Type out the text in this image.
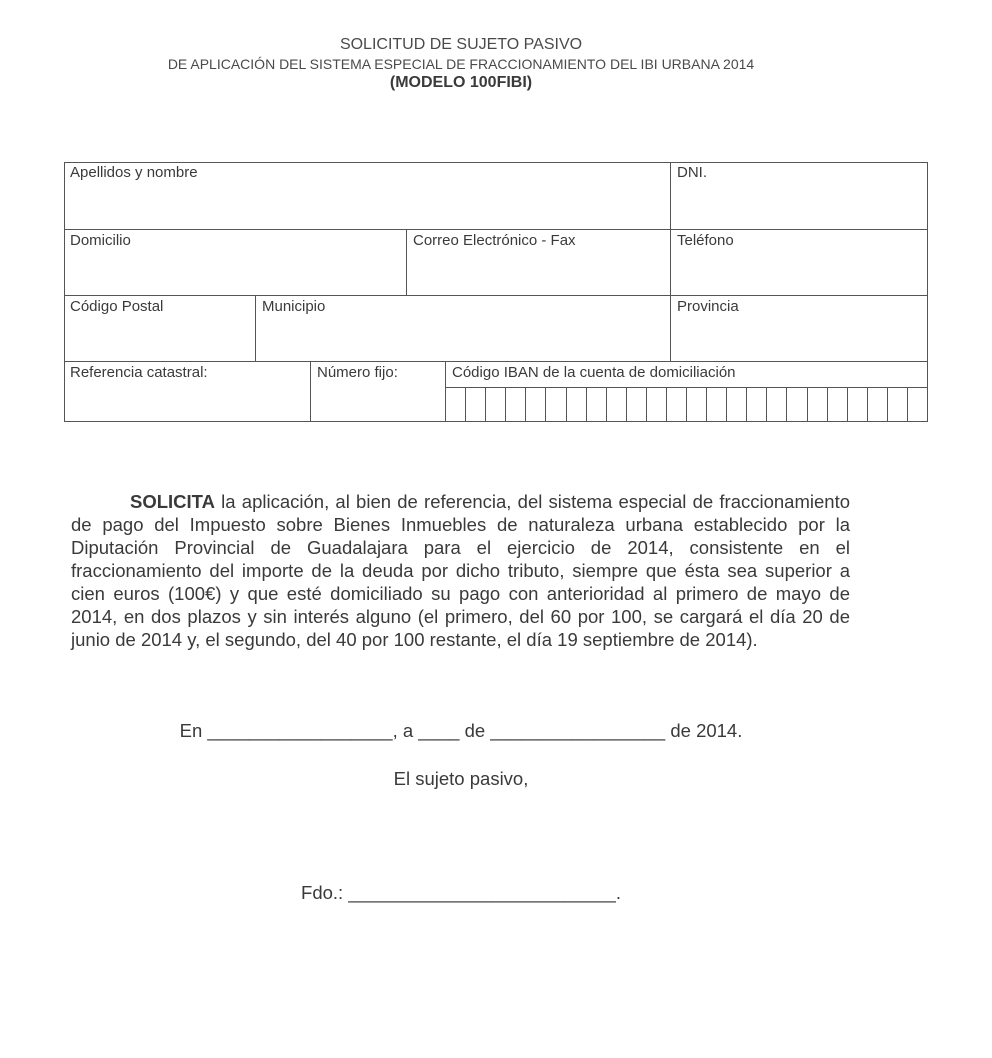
SOLICITUD DE SUJETO PASIVO
DE APLICACIÓN DEL SISTEMA ESPECIAL DE FRACCIONAMIENTO DEL IBI URBANA 2014
(MODELO 100FIBI)
Apellidos y nombre	DNI.
Domicilio	Correo Electrónico - Fax	Teléfono
Código Postal	Municipio	Provincia
Referencia catastral:	Número fijo:	Código IBAN de la cuenta de domiciliación
SOLICITA la aplicación, al bien de referencia, del sistema especial de fraccionamiento de pago del Impuesto sobre Bienes Inmuebles de naturaleza urbana establecido por la Diputación Provincial de Guadalajara para el ejercicio de 2014, consistente en el fraccionamiento del importe de la deuda por dicho tributo, siempre que ésta sea superior a cien euros (100€) y que esté domiciliado su pago con anterioridad al primero de mayo de 2014, en dos plazos y sin interés alguno (el primero, del 60 por 100, se cargará el día 20 de junio de 2014 y, el segundo, del 40 por 100 restante, el día 19 septiembre de 2014).
En __________________, a ____ de _________________ de 2014.
El sujeto pasivo,
Fdo.: __________________________.
